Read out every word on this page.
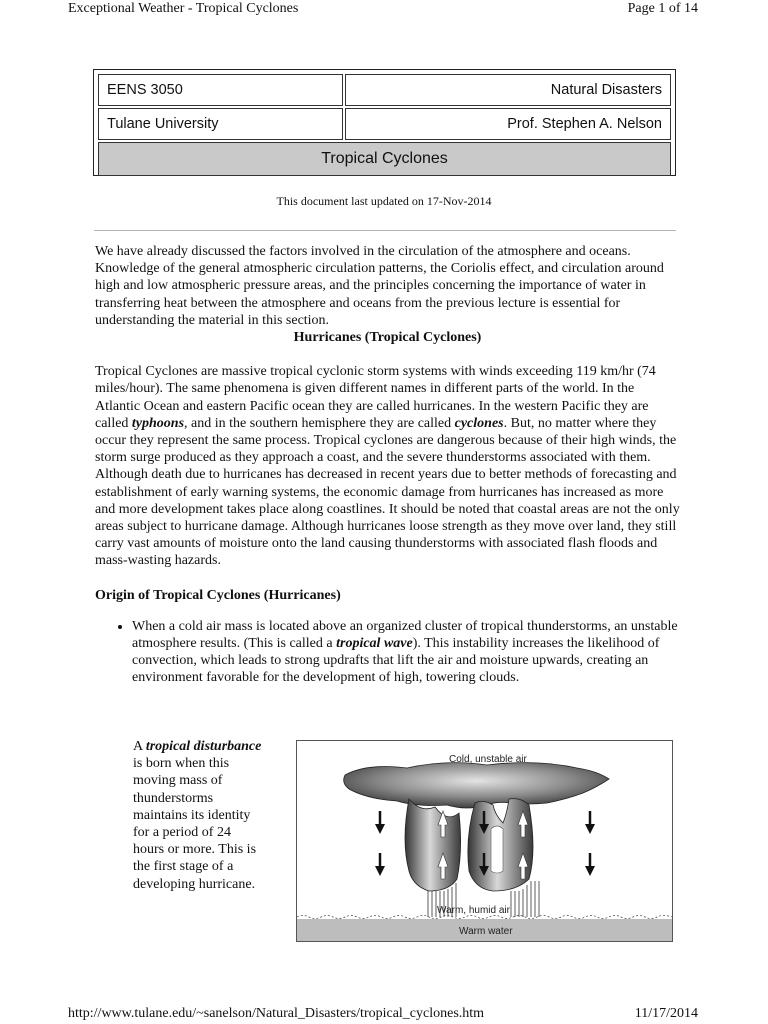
Exceptional Weather - Tropical Cyclones	Page 1 of 14
EENS 3050	Natural Disasters
Tulane University	Prof. Stephen A. Nelson
Tropical Cyclones	
This document last updated on 17-Nov-2014

We have already discussed the factors involved in the circulation of the atmosphere and oceans. Knowledge of the general atmospheric circulation patterns, the Coriolis effect, and circulation around high and low atmospheric pressure areas, and the principles concerning the importance of water in transferring heat between the atmosphere and oceans from the previous lecture is essential for understanding the material in this section.

Hurricanes (Tropical Cyclones)

Tropical Cyclones are massive tropical cyclonic storm systems with winds exceeding 119 km/hr (74 miles/hour). The same phenomena is given different names in different parts of the world. In the Atlantic Ocean and eastern Pacific ocean they are called hurricanes. In the western Pacific they are called typhoons, and in the southern hemisphere they are called cyclones. But, no matter where they occur they represent the same process. Tropical cyclones are dangerous because of their high winds, the storm surge produced as they approach a coast, and the severe thunderstorms associated with them. Although death due to hurricanes has decreased in recent years due to better methods of forecasting and establishment of early warning systems, the economic damage from hurricanes has increased as more and more development takes place along coastlines. It should be noted that coastal areas are not the only areas subject to hurricane damage. Although hurricanes loose strength as they move over land, they still carry vast amounts of moisture onto the land causing thunderstorms with associated flash floods and mass-wasting hazards.

Origin of Tropical Cyclones (Hurricanes)

• When a cold air mass is located above an organized cluster of tropical thunderstorms, an unstable atmosphere results. (This is called a tropical wave). This instability increases the likelihood of convection, which leads to strong updrafts that lift the air and moisture upwards, creating an environment favorable for the development of high, towering clouds.
A tropical disturbance is born when this moving mass of thunderstorms maintains its identity for a period of 24 hours or more. This is the first stage of a developing hurricane.
Cold, unstable air
Warm, humid air
Warm water
http://www.tulane.edu/~sanelson/Natural_Disasters/tropical_cyclones.htm	11/17/2014
